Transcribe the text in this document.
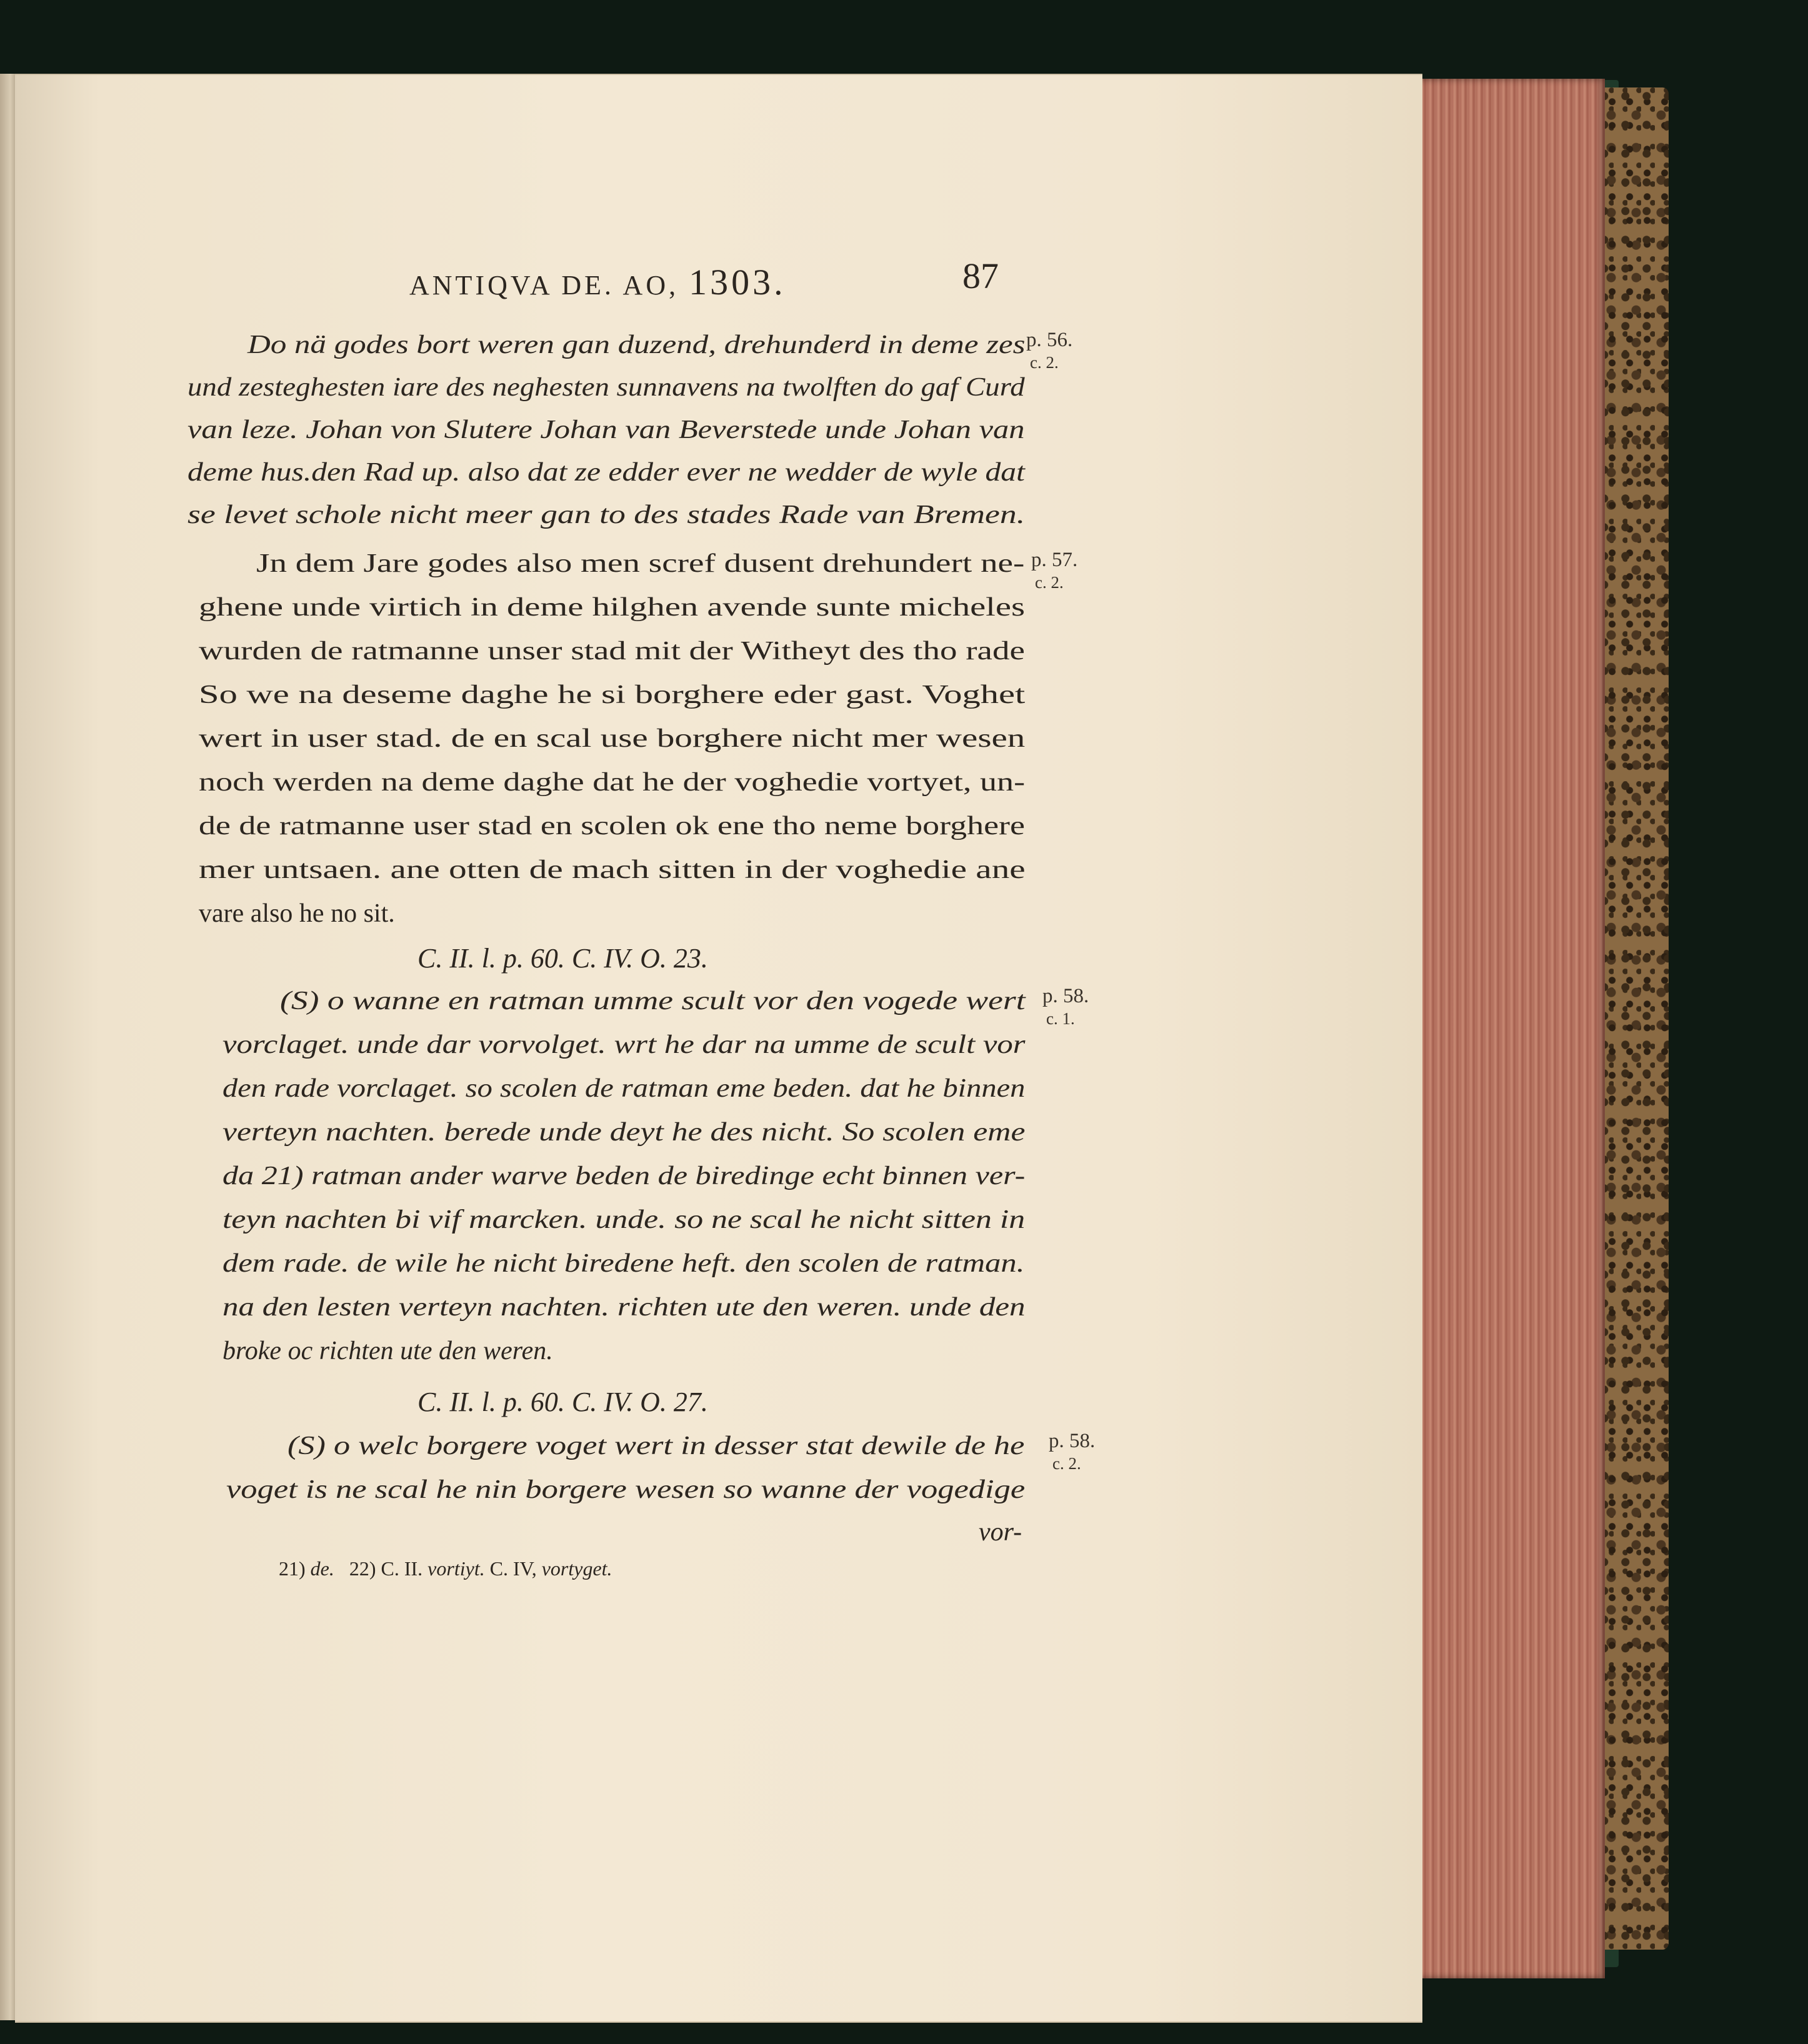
ANTIQVA DE. AO, 1303.	87
Do nä godes bort weren gan duzend, drehunderd in deme zes
und zesteghesten iare des neghesten sunnavens na twolften do gaf Curd
van leze. Johan von Slutere Johan van Beverstede unde Johan van
deme hus.den Rad up. also dat ze edder ever ne wedder de wyle dat
se levet schole nicht meer gan to des stades Rade van Bremen.
Jn dem Jare godes also men scref dusent drehundert ne-
ghene unde virtich in deme hilghen avende sunte micheles
wurden de ratmanne unser stad mit der Witheyt des tho rade
So we na deseme daghe he si borghere eder gast. Voghet
wert in user stad. de en scal use borghere nicht mer wesen
noch werden na deme daghe dat he der voghedie vortyet, un-
de de ratmanne user stad en scolen ok ene tho neme borghere
mer untsaen. ane otten de mach sitten in der voghedie ane
vare also he no sit.
C. II. l. p. 60. C. IV. O. 23.
(S) o wanne en ratman umme scult vor den vogede wert
vorclaget. unde dar vorvolget. wrt he dar na umme de scult vor
den rade vorclaget. so scolen de ratman eme beden. dat he binnen
verteyn nachten. berede unde deyt he des nicht. So scolen eme
da 21) ratman ander warve beden de biredinge echt binnen ver-
teyn nachten bi vif marcken. unde. so ne scal he nicht sitten in
dem rade. de wile he nicht biredene heft. den scolen de ratman.
na den lesten verteyn nachten. richten ute den weren. unde den
broke oc richten ute den weren.
C. II. l. p. 60. C. IV. O. 27.
(S) o welc borgere voget wert in desser stat dewile de he
voget is ne scal he nin borgere wesen so wanne der vogedige
vor-
21) de. 22) C. II. vortiyt. C. IV, vortyget.
p. 56.
c. 2.
p. 57.
c. 2.
p. 58.
c. 1.
p. 58.
c. 2.
